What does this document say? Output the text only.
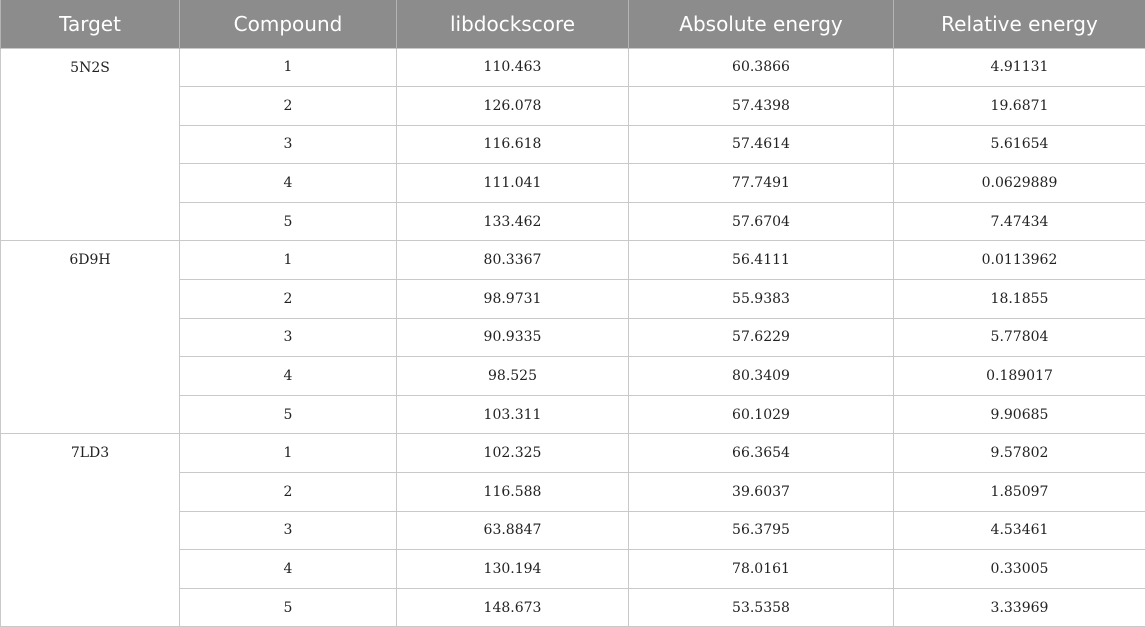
Target	Compound	libdockscore	Absolute energy	Relative energy
5N2S	1	110.463	60.3866	4.91131
	2	126.078	57.4398	19.6871
	3	116.618	57.4614	5.61654
	4	111.041	77.7491	0.0629889
	5	133.462	57.6704	7.47434
6D9H	1	80.3367	56.4111	0.0113962
	2	98.9731	55.9383	18.1855
	3	90.9335	57.6229	5.77804
	4	98.525	80.3409	0.189017
	5	103.311	60.1029	9.90685
7LD3	1	102.325	66.3654	9.57802
	2	116.588	39.6037	1.85097
	3	63.8847	56.3795	4.53461
	4	130.194	78.0161	0.33005
	5	148.673	53.5358	3.33969
